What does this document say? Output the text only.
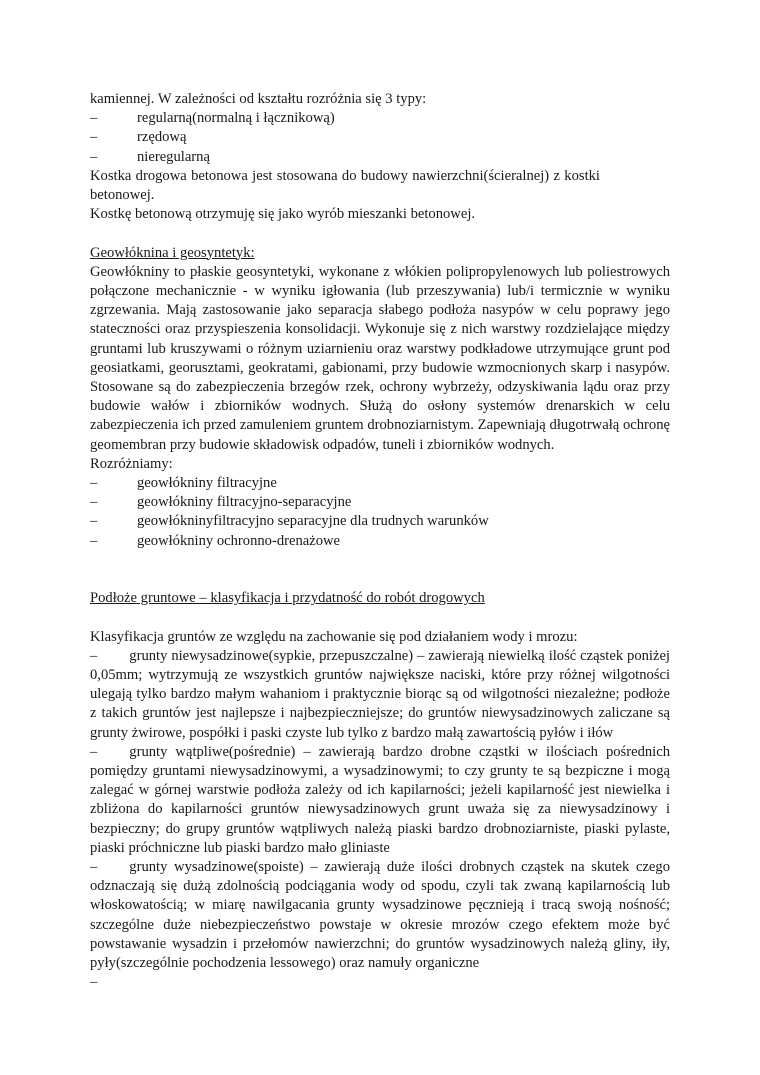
kamiennej. W zależności od kształtu rozróżnia się 3 typy:
–	regularną(normalną i łącznikową)
–	rzędową
–	nieregularną
Kostka drogowa betonowa jest stosowana do budowy nawierzchni(ścieralnej) z kostki betonowej.
Kostkę betonową otrzymuję się jako wyrób mieszanki betonowej.
Geowłóknina i geosyntetyk:
Geowłókniny to płaskie geosyntetyki, wykonane z włókien polipropylenowych lub poliestrowych połączone mechanicznie - w wyniku igłowania (lub przeszywania) lub/i termicznie w wyniku zgrzewania. Mają zastosowanie jako separacja słabego podłoża nasypów w celu poprawy jego stateczności oraz przyspieszenia konsolidacji. Wykonuje się z nich warstwy rozdzielające między gruntami lub kruszywami o różnym uziarnieniu oraz warstwy podkładowe utrzymujące grunt pod geosiatkami, georusztami, geokratami, gabionami, przy budowie wzmocnionych skarp i nasypów. Stosowane są do zabezpieczenia brzegów rzek, ochrony wybrzeży, odzyskiwania lądu oraz przy budowie wałów i zbiorników wodnych. Służą do osłony systemów drenarskich w celu zabezpieczenia ich przed zamuleniem gruntem drobnoziarnistym. Zapewniają długotrwałą ochronę geomembran przy budowie składowisk odpadów, tuneli i zbiorników wodnych.
Rozróżniamy:
–	geowłókniny filtracyjne
–	geowłókniny filtracyjno-separacyjne
–	geowłókninyfiltracyjno separacyjne dla trudnych warunków
–	geowłókniny ochronno-drenażowe
Podłoże gruntowe – klasyfikacja i przydatność do robót drogowych
Klasyfikacja gruntów ze względu na zachowanie się pod działaniem wody i mrozu:
– grunty niewysadzinowe(sypkie, przepuszczalne) – zawierają niewielką ilość cząstek poniżej 0,05mm; wytrzymują ze wszystkich gruntów największe naciski, które przy różnej wilgotności ulegają tylko bardzo małym wahaniom i praktycznie biorąc są od wilgotności niezależne; podłoże z takich gruntów jest najlepsze i najbezpieczniejsze; do gruntów niewysadzinowych zaliczane są grunty żwirowe, pospółki i paski czyste lub tylko z bardzo małą zawartością pyłów i iłów
– grunty wątpliwe(pośrednie) – zawierają bardzo drobne cząstki w ilościach pośrednich pomiędzy gruntami niewysadzinowymi, a wysadzinowymi; to czy grunty te są bezpiczne i mogą zalegać w górnej warstwie podłoża zależy od ich kapilarności; jeżeli kapilarność jest niewielka i zbliżona do kapilarności gruntów niewysadzinowych grunt uważa się za niewysadzinowy i bezpieczny; do grupy gruntów wątpliwych należą piaski bardzo drobnoziarniste, piaski pylaste, piaski próchniczne lub piaski bardzo mało gliniaste
– grunty wysadzinowe(spoiste) – zawierają duże ilości drobnych cząstek na skutek czego odznaczają się dużą zdolnością podciągania wody od spodu, czyli tak zwaną kapilarnością lub włoskowatością; w miarę nawilgacania grunty wysadzinowe pęcznieją i tracą swoją nośność; szczególne duże niebezpieczeństwo powstaje w okresie mrozów czego efektem może być powstawanie wysadzin i przełomów nawierzchni; do gruntów wysadzinowych należą gliny, iły, pyły(szczególnie pochodzenia lessowego) oraz namuły organiczne
–
